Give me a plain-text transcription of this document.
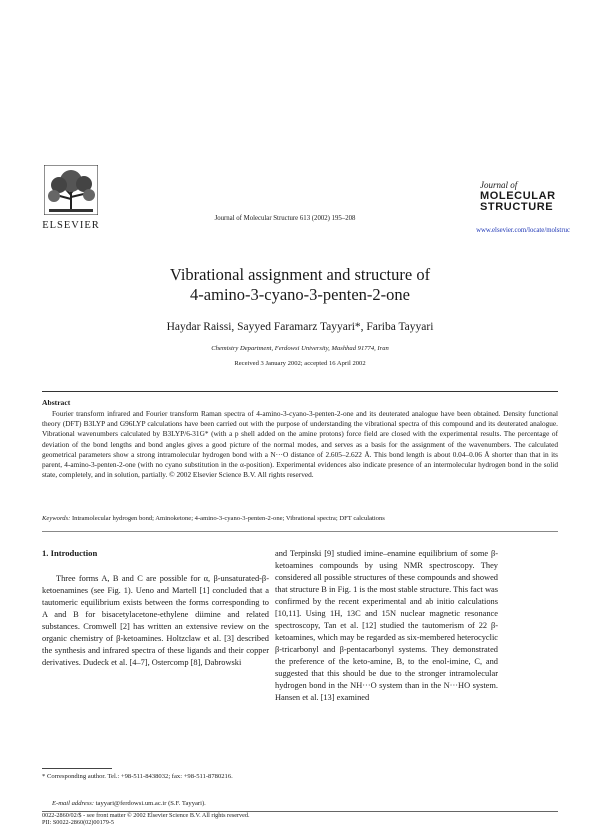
ELSEVIER
Journal of Molecular Structure 613 (2002) 195–208
Journal of
MOLECULAR
STRUCTURE
www.elsevier.com/locate/molstruc
Vibrational assignment and structure of
4-amino-3-cyano-3-penten-2-one
Haydar Raissi, Sayyed Faramarz Tayyari*, Fariba Tayyari
Chemistry Department, Ferdowsi University, Mashhad 91774, Iran
Received 3 January 2002; accepted 16 April 2002
Abstract
Fourier transform infrared and Fourier transform Raman spectra of 4-amino-3-cyano-3-penten-2-one and its deuterated analogue have been obtained. Density functional theory (DFT) B3LYP and G96LYP calculations have been carried out with the purpose of understanding the vibrational spectra of this compound and its deuterated analogue. Vibrational wavenumbers calculated by B3LYP/6-31G* (with a p shell added on the amine protons) force field are closed with the experimental results. The percentage of deviation of the bond lengths and bond angles gives a good picture of the normal modes, and serves as a basis for the assignment of the wavenumbers. The calculated geometrical parameters show a strong intramolecular hydrogen bond with a N···O distance of 2.605–2.622 Å. This bond length is about 0.04–0.06 Å shorter than that in its parent, 4-amino-3-penten-2-one (with no cyano substitution in the α-position). Experimental evidences also indicate presence of an intermolecular hydrogen bond in the solid state, completely, and in solution, partially. © 2002 Elsevier Science B.V. All rights reserved.
Keywords: Intramolecular hydrogen bond; Aminoketone; 4-amino-3-cyano-3-penten-2-one; Vibrational spectra; DFT calculations
1. Introduction
Three forms A, B and C are possible for α, β-unsaturated-β-ketoenamines (see Fig. 1). Ueno and Martell [1] concluded that a tautomeric equilibrium exists between the forms corresponding to A and B for bisacetylacetone-ethylene diimine and related substances. Cromwell [2] has written an extensive review on the organic chemistry of β-ketoamines. Holtzclaw et al. [3] described the synthesis and infrared spectra of these ligands and their copper derivatives. Dudeck et al. [4–7], Ostercomp [8], Dabrowski
and Terpinski [9] studied imine–enamine equilibrium of some β-ketoamines compounds by using NMR spectroscopy. They considered all possible structures of these compounds and showed that structure B in Fig. 1 is the most stable structure. This fact was confirmed by the recent experimental and ab initio calculations [10,11]. Using 1H, 13C and 15N nuclear magnetic resonance spectroscopy, Tan et al. [12] studied the tautomerism of 22 β-ketoamines, which may be regarded as six-membered heterocyclic β-tricarbonyl and β-pentacarbonyl systems. They demonstrated the preference of the keto-amine, B, to the enol-imine, C, and suggested that this should be due to the stronger intramolecular hydrogen bond in the NH···O system than in the N···HO system. Hansen et al. [13] examined
* Corresponding author. Tel.: +98-511-8438032; fax: +98-511-8780216.
E-mail address: tayyari@ferdowsi.um.ac.ir (S.F. Tayyari).
0022-2860/02/$ - see front matter © 2002 Elsevier Science B.V. All rights reserved.
PII: S0022-2860(02)00179-5
